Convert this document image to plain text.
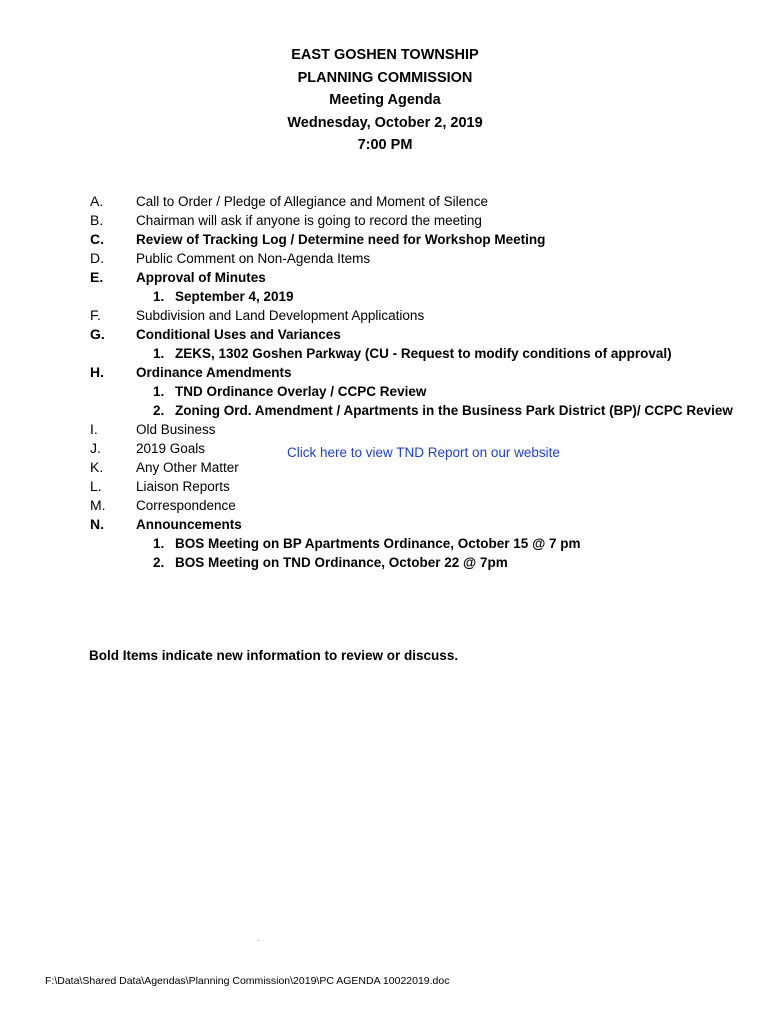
EAST GOSHEN TOWNSHIP
PLANNING COMMISSION
Meeting Agenda
Wednesday, October 2, 2019
7:00 PM
A. Call to Order / Pledge of Allegiance and Moment of Silence
B. Chairman will ask if anyone is going to record the meeting
C. Review of Tracking Log / Determine need for Workshop Meeting
D. Public Comment on Non-Agenda Items
E. Approval of Minutes
1. September 4, 2019
F.	Subdivision and Land Development Applications
G. Conditional Uses and Variances
1. ZEKS, 1302 Goshen Parkway (CU - Request to modify conditions of approval)
H. Ordinance Amendments
1. TND Ordinance Overlay / CCPC Review
2. Zoning Ord. Amendment / Apartments in the Business Park District (BP)/ CCPC Review
I.	Old Business
J.	2019 Goals
K. Any Other Matter
L.	Liaison Reports
M. Correspondence
N. Announcements
1. BOS Meeting on BP Apartments Ordinance, October 15 @ 7 pm
2. BOS Meeting on TND Ordinance, October 22 @ 7pm
Click here to view TND Report on our website
Bold Items indicate new information to review or discuss.
F:\Data\Shared Data\Agendas\Planning Commission\2019\PC AGENDA 10022019.doc
